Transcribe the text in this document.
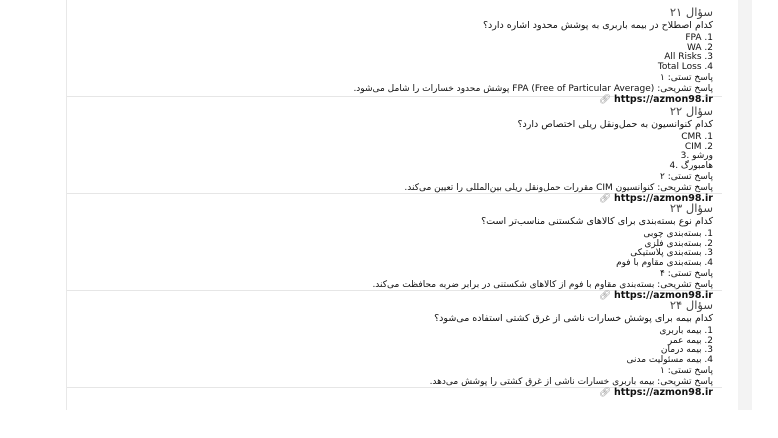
سؤال ۲۱
کدام اصطلاح در بیمه باربری به پوشش محدود اشاره دارد؟
FPA .1
WA .2
All Risks .3
Total Loss .4
پاسخ تستی: ۱
پاسخ تشریحی: FPA (Free of Particular Average) پوشش محدود خسارات را شامل می‌شود.
🔗︎ https://azmon98.ir
سؤال ۲۲
کدام کنوانسیون به حمل‌ونقل ریلی اختصاص دارد؟
CMR .1
CIM .2
ورشو .3
هامبورگ .4
پاسخ تستی: ۲
پاسخ تشریحی: کنوانسیون CIM مقررات حمل‌ونقل ریلی بین‌المللی را تعیین می‌کند.
🔗︎ https://azmon98.ir
سؤال ۲۳
کدام نوع بسته‌بندی برای کالاهای شکستنی مناسب‌تر است؟
1. بسته‌بندی چوبی
2. بسته‌بندی فلزی
3. بسته‌بندی پلاستیکی
4. بسته‌بندی مقاوم با فوم
پاسخ تستی: ۴
پاسخ تشریحی: بسته‌بندی مقاوم با فوم از کالاهای شکستنی در برابر ضربه محافظت می‌کند.
🔗︎ https://azmon98.ir
سؤال ۲۴
کدام بیمه برای پوشش خسارات ناشی از غرق کشتی استفاده می‌شود؟
1. بیمه باربری
2. بیمه عمر
3. بیمه درمان
4. بیمه مسئولیت مدنی
پاسخ تستی: ۱
پاسخ تشریحی: بیمه باربری خسارات ناشی از غرق کشتی را پوشش می‌دهد.
🔗︎ https://azmon98.ir
